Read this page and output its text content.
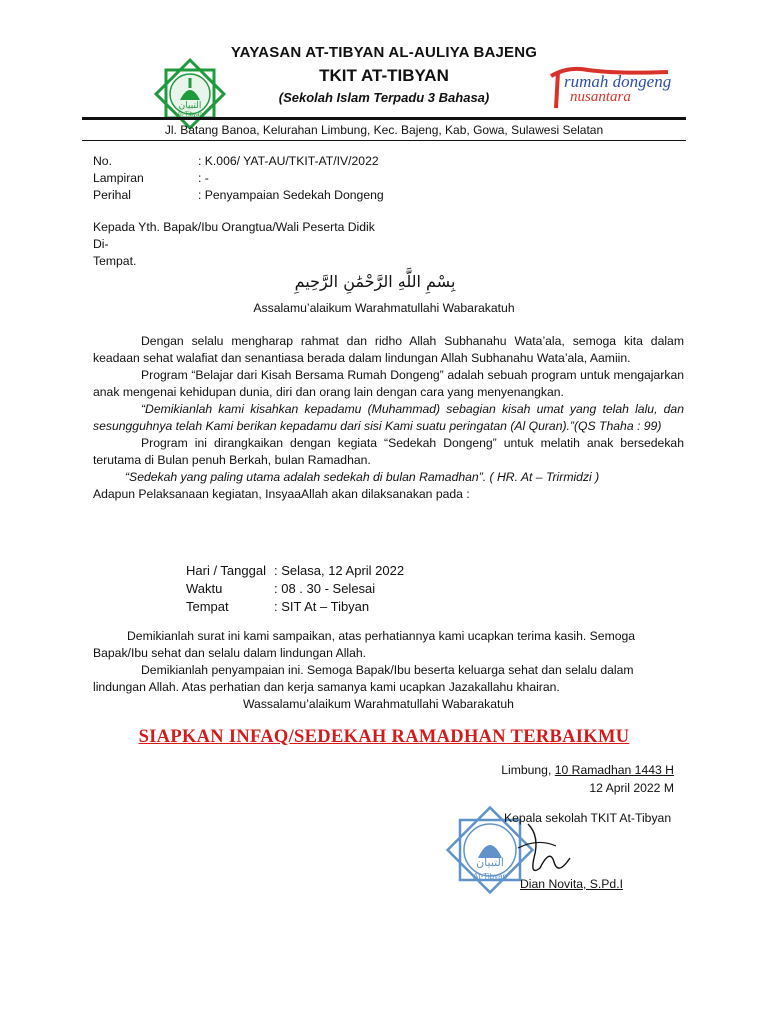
التبيان
At-Tibyan
rumah dongeng
nusantara
YAYASAN AT-TIBYAN AL-AULIYA BAJENG
TKIT AT-TIBYAN
(Sekolah Islam Terpadu 3 Bahasa)
Jl. Batang Banoa, Kelurahan Limbung, Kec. Bajeng, Kab, Gowa, Sulawesi Selatan
No.	: K.006/ YAT-AU/TKIT-AT/IV/2022
Lampiran	: -
Perihal	: Penyampaian Sedekah Dongeng
Kepada Yth. Bapak/Ibu Orangtua/Wali Peserta Didik
Di-
Tempat.
بِسْمِ اللَّهِ الرَّحْمَٰنِ الرَّحِيمِ
Assalamu’alaikum Warahmatullahi Wabarakatuh
Dengan selalu mengharap rahmat dan ridho Allah Subhanahu Wata’ala, semoga kita dalam keadaan sehat walafiat dan senantiasa berada dalam lindungan Allah Subhanahu Wata’ala, Aamiin.
Program “Belajar dari Kisah Bersama Rumah Dongeng” adalah sebuah program untuk mengajarkan anak mengenai kehidupan dunia, diri dan orang lain dengan cara yang menyenangkan.
“Demikianlah kami kisahkan kepadamu (Muhammad) sebagian kisah umat yang telah lalu, dan sesungguhnya telah Kami berikan kepadamu dari sisi Kami suatu peringatan (Al Quran).”(QS Thaha : 99)
Program ini dirangkaikan dengan kegiata “Sedekah Dongeng” untuk melatih anak bersedekah terutama di Bulan penuh Berkah, bulan Ramadhan.
“Sedekah yang paling utama adalah sedekah di bulan Ramadhan”. ( HR. At – Trirmidzi )
Adapun Pelaksanaan kegiatan, InsyaaAllah akan dilaksanakan pada :
Hari / Tanggal : Selasa, 12 April 2022
Waktu	: 08 . 30 - Selesai
Tempat	: SIT At – Tibyan
Demikianlah surat ini kami sampaikan, atas perhatiannya kami ucapkan terima kasih. Semoga Bapak/Ibu sehat dan selalu dalam lindungan Allah.
Demikianlah penyampaian ini. Semoga Bapak/Ibu beserta keluarga sehat dan selalu dalam lindungan Allah. Atas perhatian dan kerja samanya kami ucapkan Jazakallahu khairan.
Wassalamu’alaikum Warahmatullahi Wabarakatuh
SIAPKAN INFAQ/SEDEKAH RAMADHAN TERBAIKMU
Limbung, 10 Ramadhan 1443 H
12 April 2022 M
التبيان
At-Tibyan
Kepala sekolah TKIT At-Tibyan
Dian Novita, S.Pd.I
